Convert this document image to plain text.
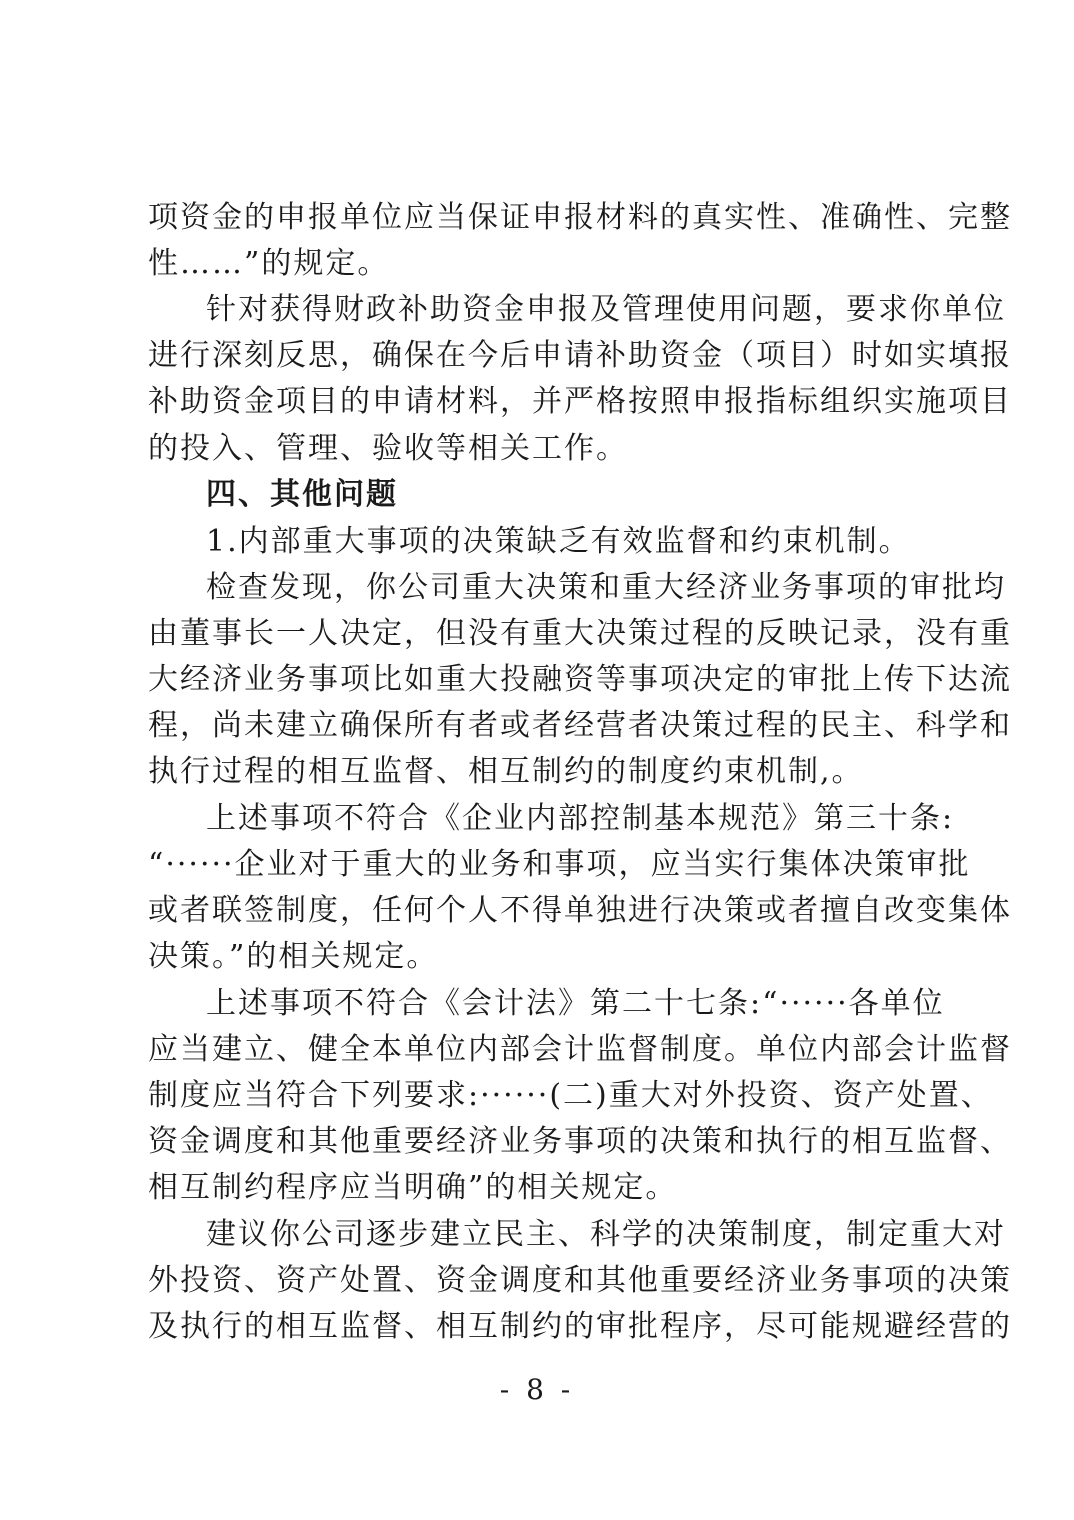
项资金的申报单位应当保证申报材料的真实性、准确性、完整
性……”的规定。
针对获得财政补助资金申报及管理使用问题，要求你单位
进行深刻反思，确保在今后申请补助资金（项目）时如实填报
补助资金项目的申请材料，并严格按照申报指标组织实施项目
的投入、管理、验收等相关工作。
四、其他问题
1.内部重大事项的决策缺乏有效监督和约束机制。
检查发现，你公司重大决策和重大经济业务事项的审批均
由董事长一人决定，但没有重大决策过程的反映记录，没有重
大经济业务事项比如重大投融资等事项决定的审批上传下达流
程，尚未建立确保所有者或者经营者决策过程的民主、科学和
执行过程的相互监督、相互制约的制度约束机制,。
上述事项不符合《企业内部控制基本规范》第三十条:
“······企业对于重大的业务和事项，应当实行集体决策审批
或者联签制度，任何个人不得单独进行决策或者擅自改变集体
决策。”的相关规定。
上述事项不符合《会计法》第二十七条:“······各单位
应当建立、健全本单位内部会计监督制度。单位内部会计监督
制度应当符合下列要求:······(二)重大对外投资、资产处置、
资金调度和其他重要经济业务事项的决策和执行的相互监督、
相互制约程序应当明确”的相关规定。
建议你公司逐步建立民主、科学的决策制度，制定重大对
外投资、资产处置、资金调度和其他重要经济业务事项的决策
及执行的相互监督、相互制约的审批程序，尽可能规避经营的
- 8 -
